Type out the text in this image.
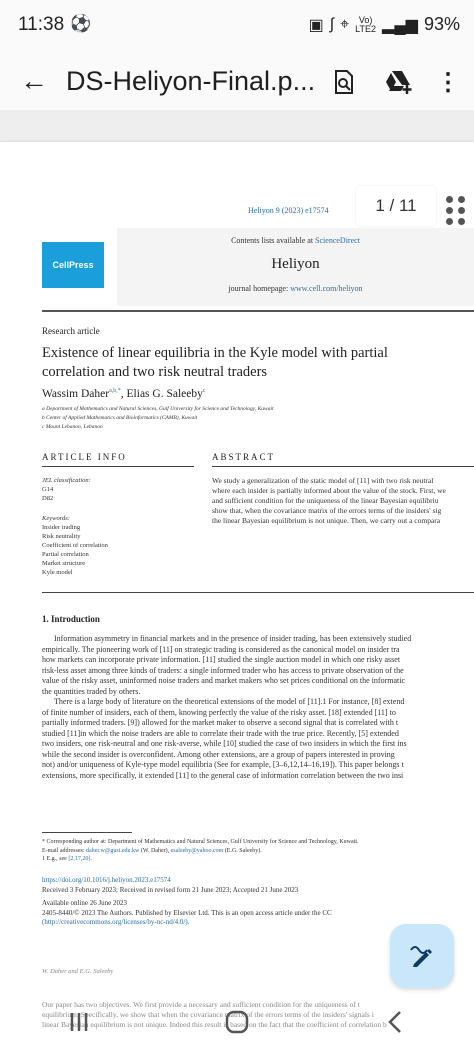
11:38 ⚽	▣ ∫ ⌖	Vo)
LTE2 ▂▄▆ 93%
← DS-Heliyon-Final.p...	⋮
Heliyon 9 (2023) e17574	1 / 11
CellPress
Contents lists available at ScienceDirect
Heliyon
journal homepage: www.cell.com/heliyon
Research article
Existence of linear equilibria in the Kyle model with partial correlation and two risk neutral traders
Wassim Daher$^{a,b,*}$, Elias G. Saleeby$^c$
a Department of Mathematics and Natural Sciences, Gulf University for Science and Technology, Kuwait
b Center of Applied Mathematics and Bioinformatics (CAMB), Kuwait
c Mount Lebanon, Lebanon
ARTICLE INFO	ABSTRACT
JEL classification:
G14
D82
Keywords:
Insider trading
Risk neutrality
Coefficient of correlation
Partial correlation
Market structure
Kyle model
We study a generalization of the static model of [11] with two risk neutral
where each insider is partially informed about the value of the stock. First, we
and sufficient condition for the uniqueness of the linear Bayesian equilibriu
show that, when the covariance matrix of the errors terms of the insiders' sig
the linear Bayesian equilibrium is not unique. Then, we carry out a compara
1. Introduction

Information asymmetry in financial markets and in the presence of insider trading, has been extensively studied

empirically. The pioneering work of [11] on strategic trading is considered as the canonical model on insider tra

how markets can incorporate private information. [11] studied the single auction model in which one risky asset

risk-less asset among three kinds of traders: a single informed trader who has access to private observation of the

value of the risky asset, uninformed noise traders and market makers who set prices conditional on the informatic

the quantities traded by others.

There is a large body of literature on the theoretical extensions of the model of [11].1 For instance, [8] extend

of finite number of insiders, each of them, knowing perfectly the value of the risky asset. [18] extended [11] to

partially informed traders. [9]) allowed for the market maker to observe a second signal that is correlated with t

studied [11]in which the noise traders are able to correlate their trade with the true price. Recently, [5] extended

two insiders, one risk-neutral and one risk-averse, while [10] studied the case of two insiders in which the first ins

while the second insider is overconfident. Among other extensions, are a group of papers interested in proving

not) and/or uniqueness of Kyle-type model equilibria (See for example, [3–6,12,14–16,19]). This paper belongs t

extensions, more specifically, it extended [11] to the general case of information correlation between the two insi

* Corresponding author at: Department of Mathematics and Natural Sciences, Gulf University for Science and Technology, Kuwait.
E-mail addresses: daher.w@gust.edu.kw (W. Daher), esaleeby@yahoo.com (E.G. Saleeby).
1 E.g., see [2,17,20].
https://doi.org/10.1016/j.heliyon.2023.e17574
Received 3 February 2023; Received in revised form 21 June 2023; Accepted 21 June 2023
Available online 26 June 2023
2405-8440/© 2023 The Authors. Published by Elsevier Ltd. This is an open access article under the CC
(http://creativecommons.org/licenses/by-nc-nd/4.0/).
W. Daher and E.G. Saleeby
Our paper has two objectives. We first provide a necessary and sufficient condition for the uniqueness of t
equilibrium. Specifically, we show that when the covariance matrix of the errors terms of the insiders' signals i
linear Bayesian equilibrium is not unique. Indeed this result is based on the fact that the coefficient of correlation b
